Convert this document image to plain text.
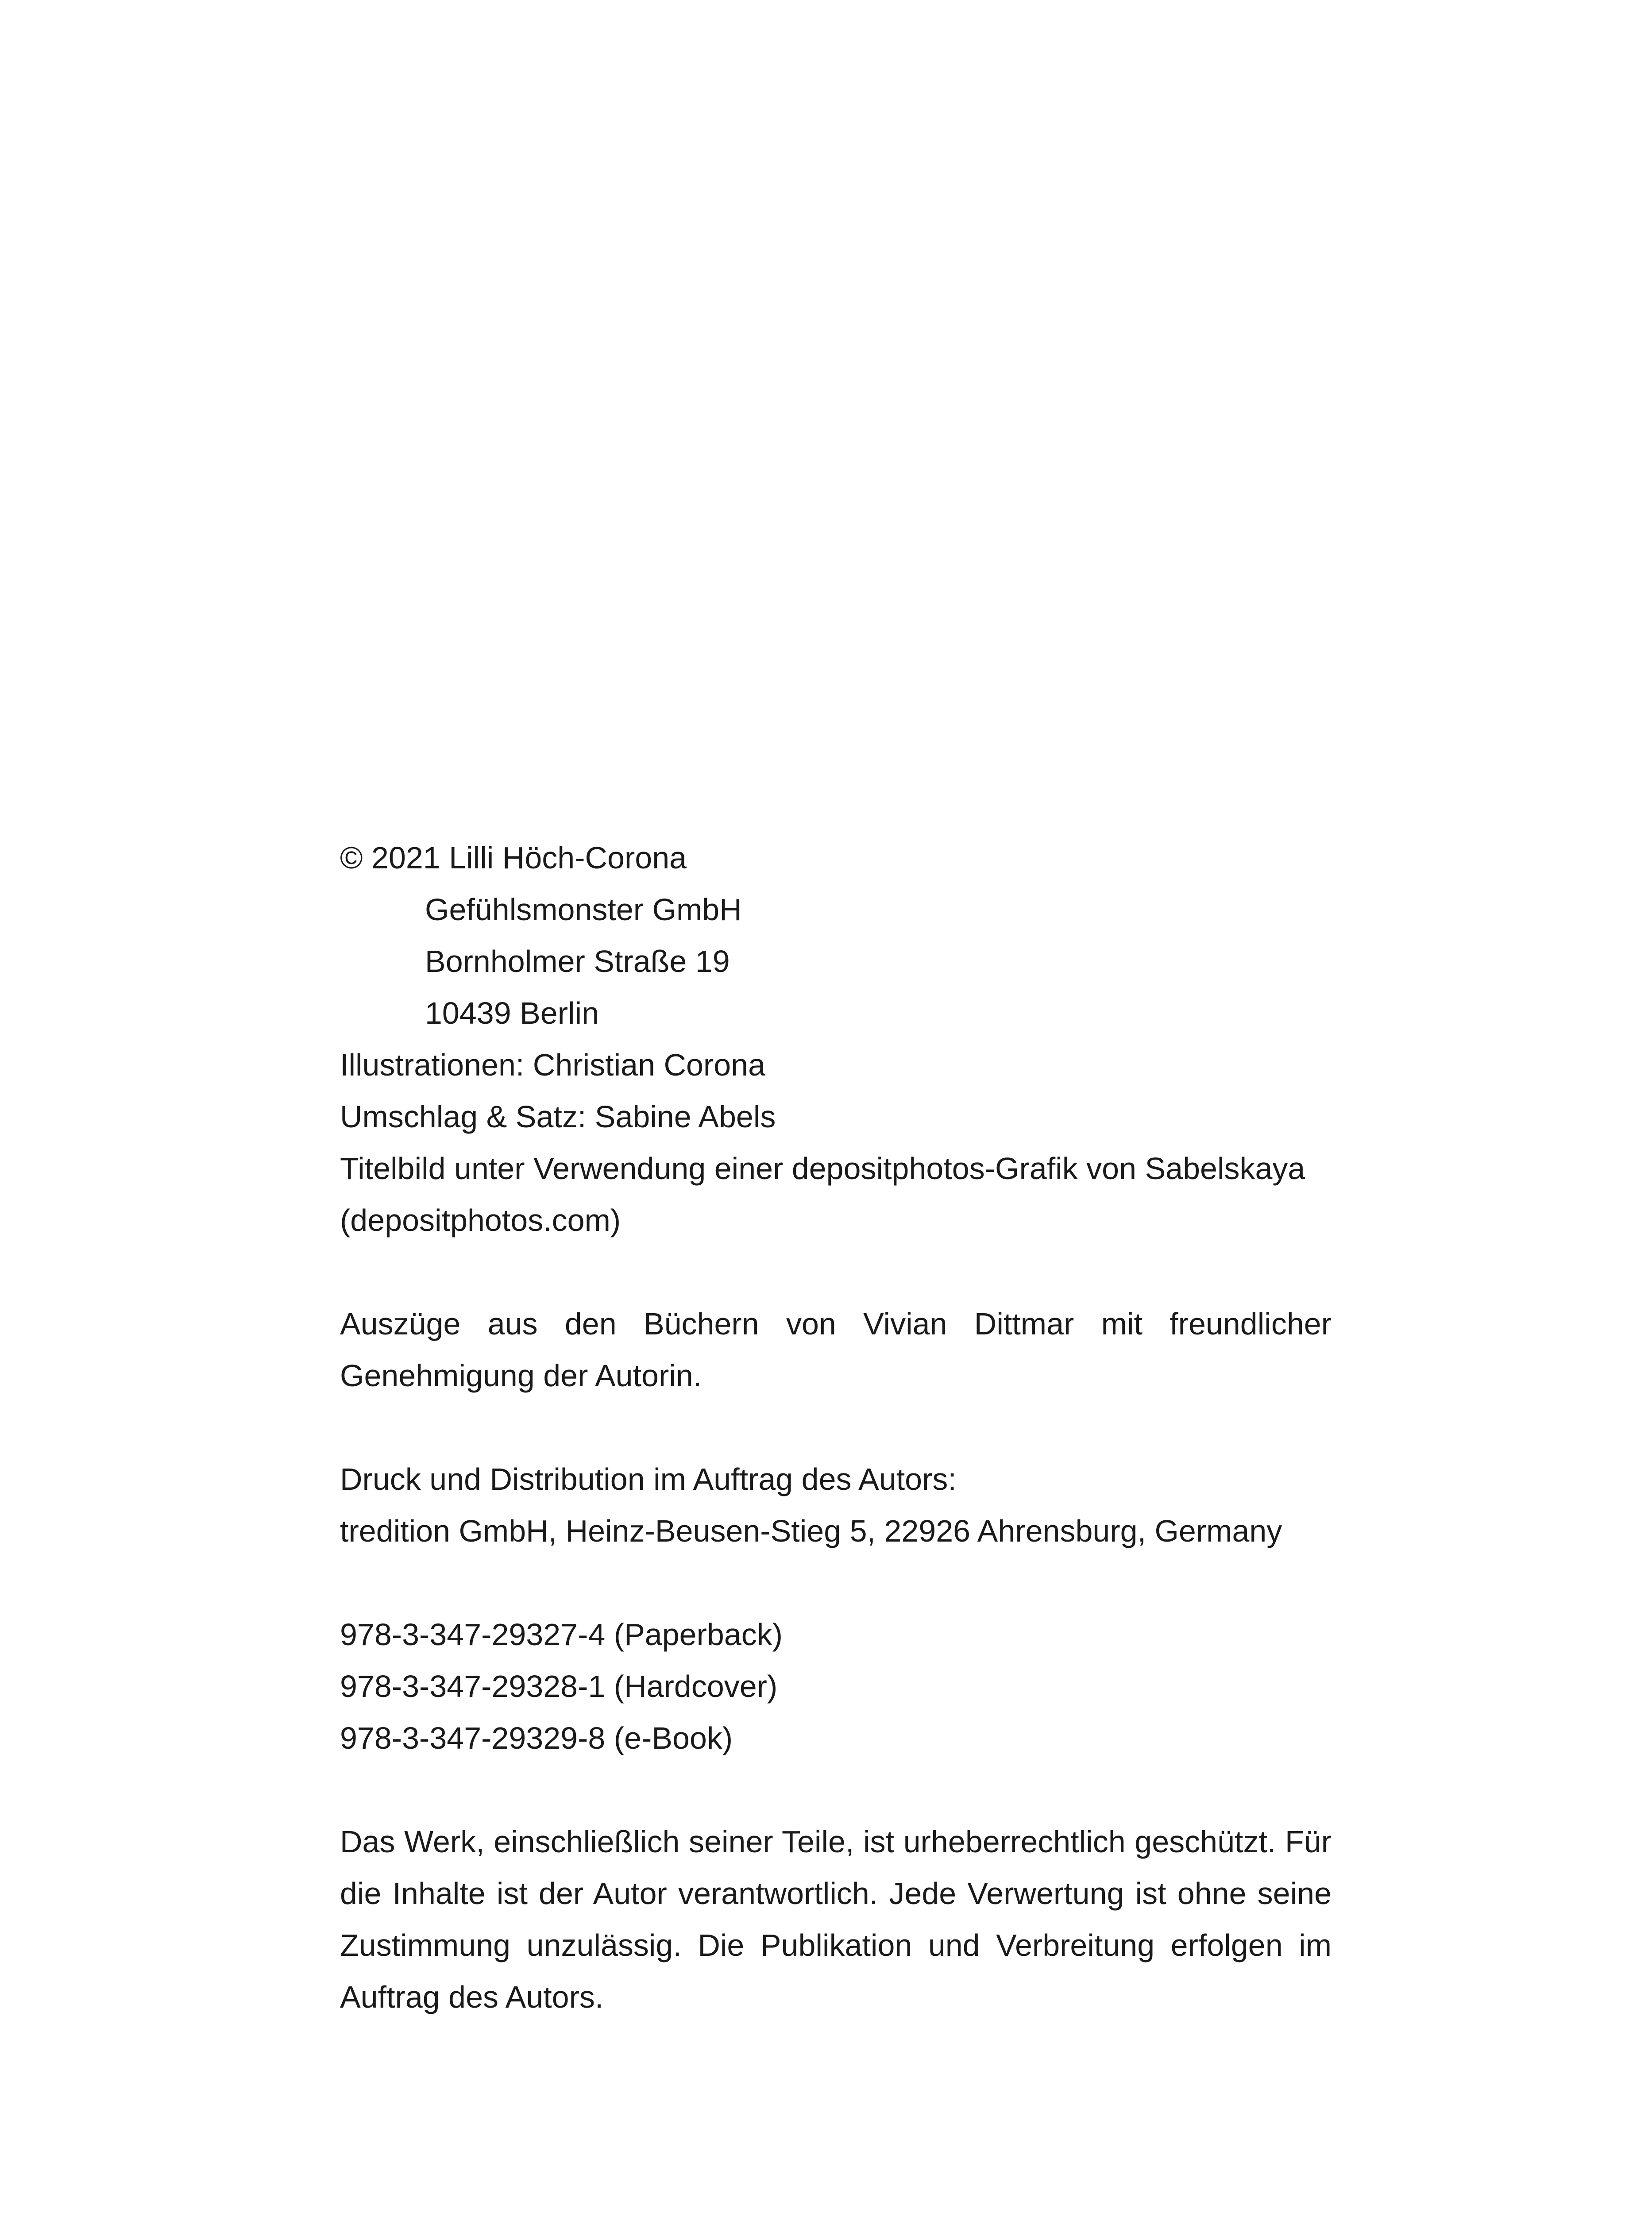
© 2021 Lilli Höch-Corona
Gefühlsmonster GmbH
Bornholmer Straße 19
10439 Berlin
Illustrationen: Christian Corona
Umschlag & Satz: Sabine Abels
Titelbild unter Verwendung einer depositphotos-Grafik von Sabelskaya
(depositphotos.com)
Auszüge aus den Büchern von Vivian Dittmar mit freundlicher Genehmigung der Autorin.
Druck und Distribution im Auftrag des Autors:
tredition GmbH, Heinz-Beusen-Stieg 5, 22926 Ahrensburg, Germany
978-3-347-29327-4 (Paperback)
978-3-347-29328-1 (Hardcover)
978-3-347-29329-8 (e-Book)
Das Werk, einschließlich seiner Teile, ist urheberrechtlich geschützt. Für die Inhalte ist der Autor verantwortlich. Jede Verwertung ist ohne seine Zustimmung unzulässig. Die Publikation und Verbreitung erfolgen im Auftrag des Autors.
